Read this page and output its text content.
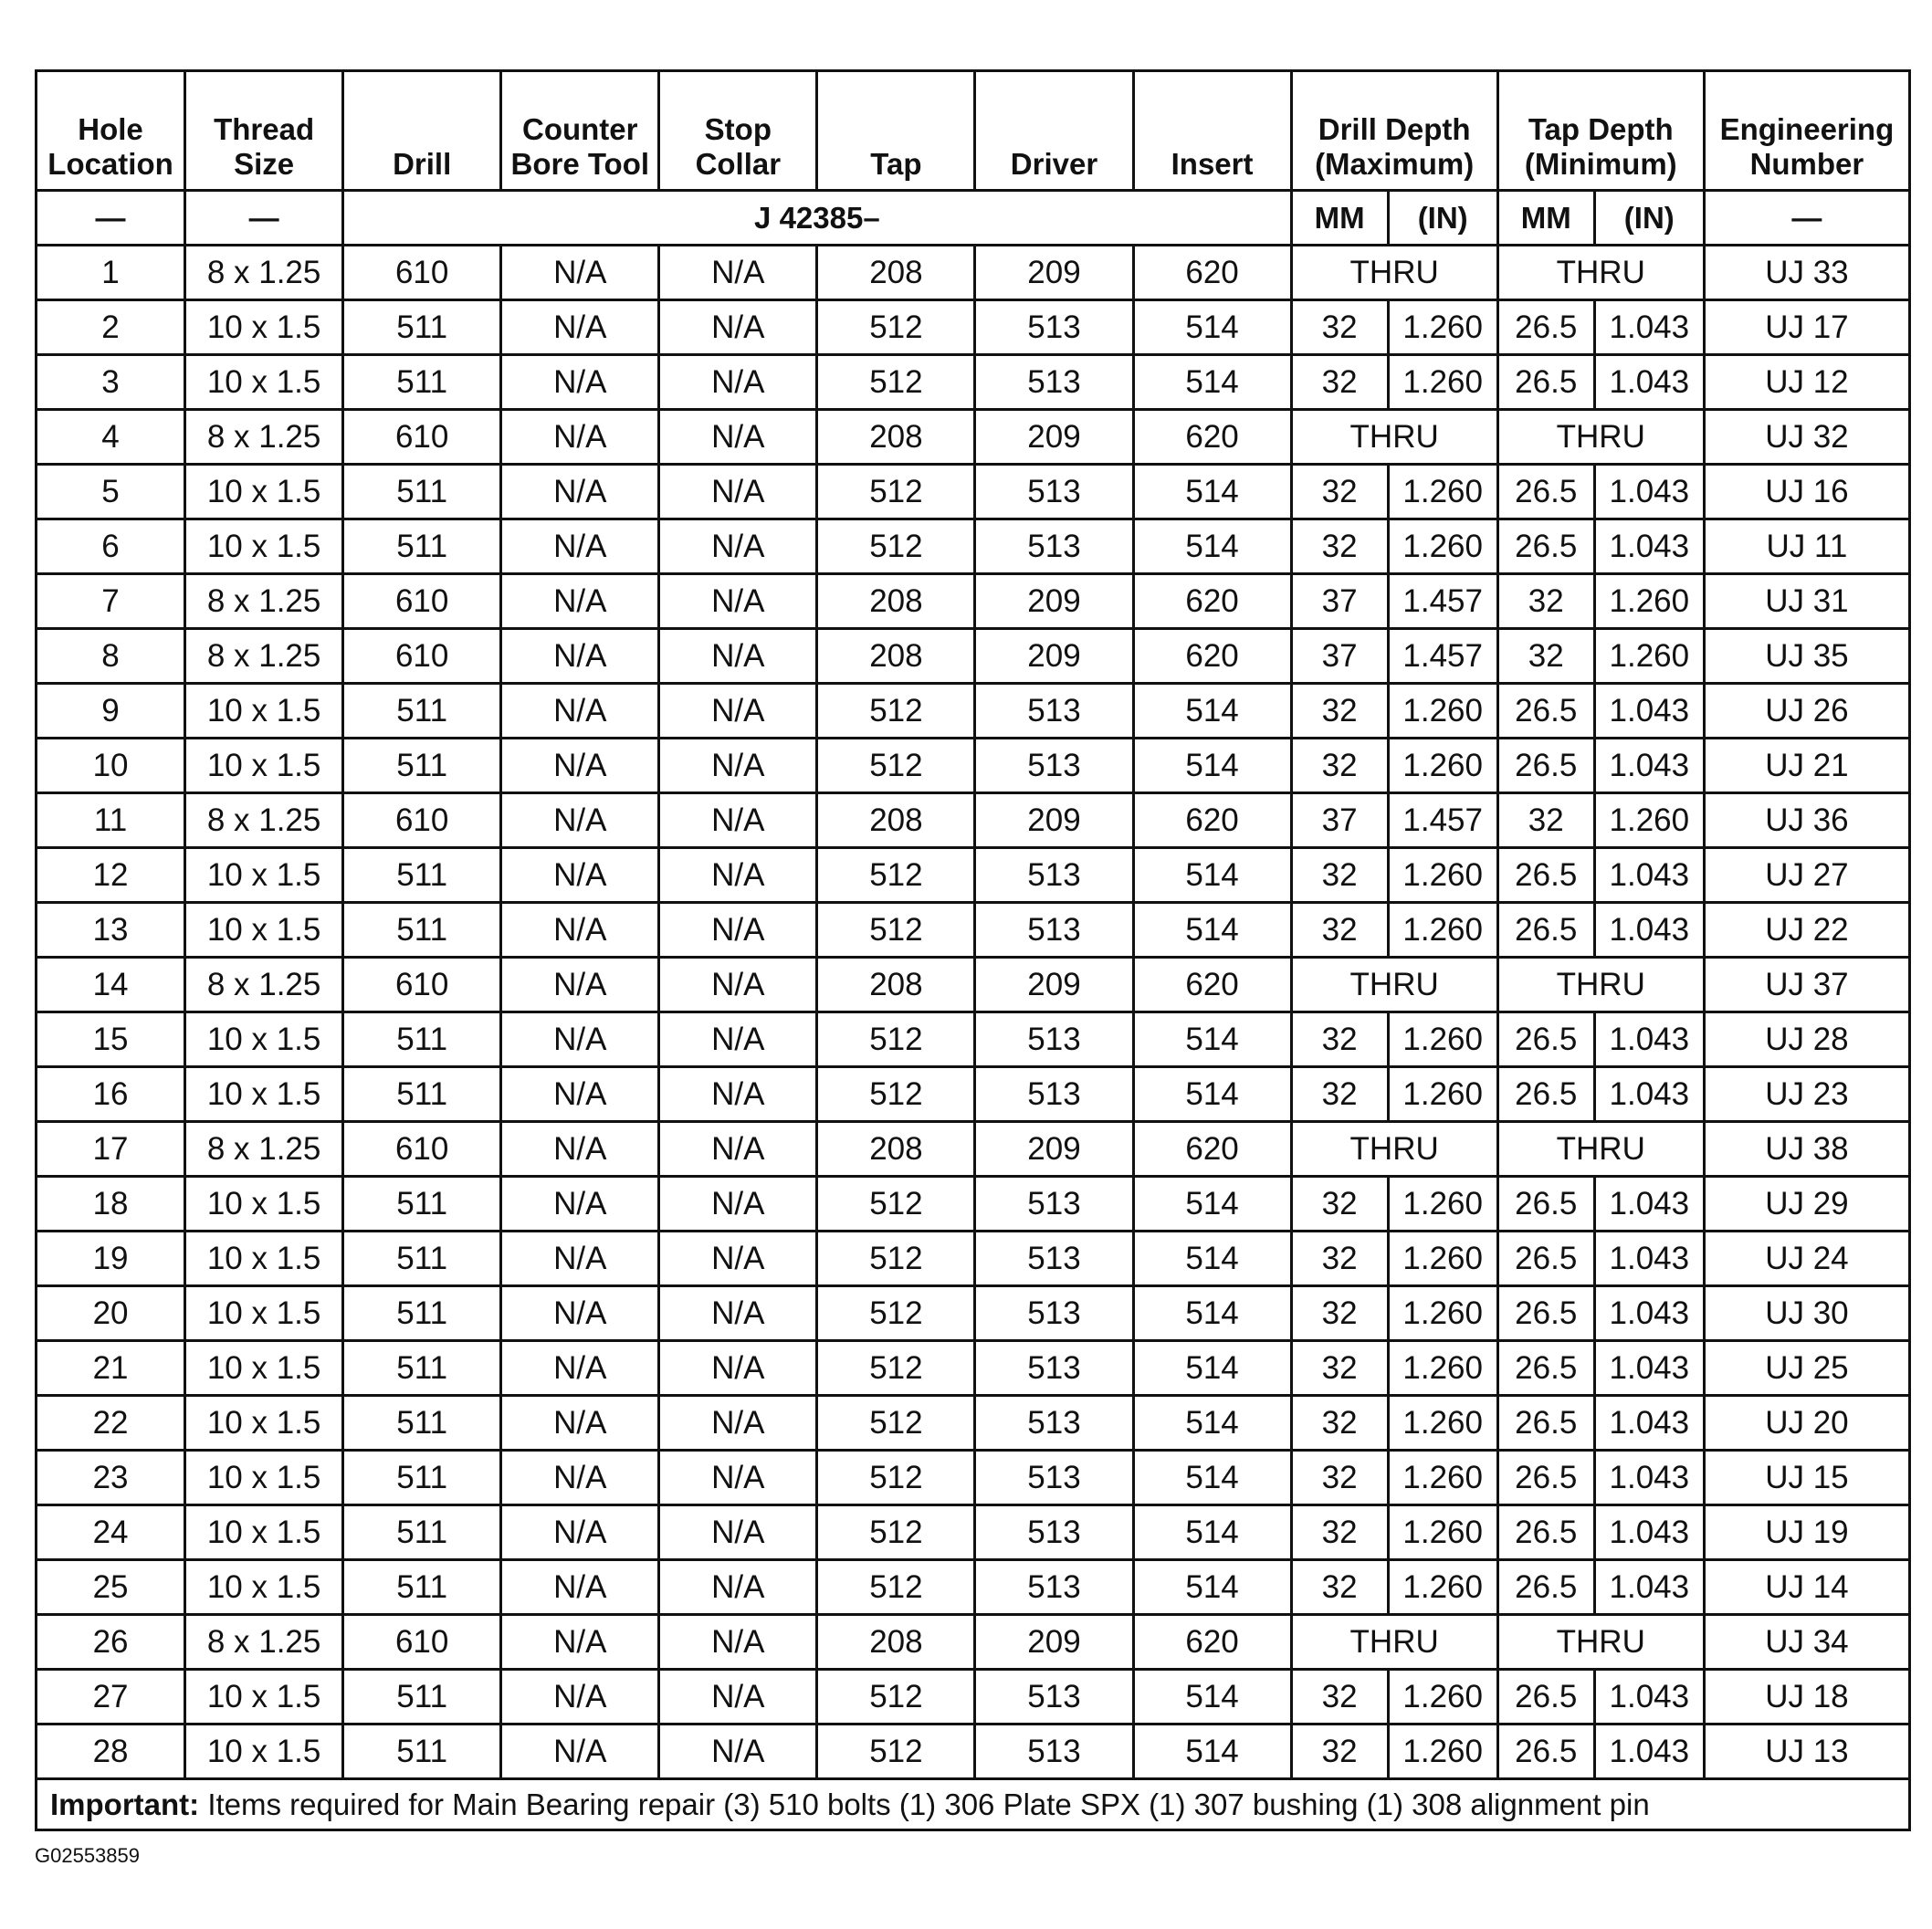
Hole Location	Thread Size	Drill	Counter Bore Tool	Stop Collar	Tap	Driver	Insert	Drill Depth (Maximum)		Tap Depth (Minimum)		Engineering Number
—	—	J 42385–						MM	(IN)	MM	(IN)	—
1	8 x 1.25	610	N/A	N/A	208	209	620	THRU		THRU		UJ 33
2	10 x 1.5	511	N/A	N/A	512	513	514	32	1.260	26.5	1.043	UJ 17
3	10 x 1.5	511	N/A	N/A	512	513	514	32	1.260	26.5	1.043	UJ 12
4	8 x 1.25	610	N/A	N/A	208	209	620	THRU		THRU		UJ 32
5	10 x 1.5	511	N/A	N/A	512	513	514	32	1.260	26.5	1.043	UJ 16
6	10 x 1.5	511	N/A	N/A	512	513	514	32	1.260	26.5	1.043	UJ 11
7	8 x 1.25	610	N/A	N/A	208	209	620	37	1.457	32	1.260	UJ 31
8	8 x 1.25	610	N/A	N/A	208	209	620	37	1.457	32	1.260	UJ 35
9	10 x 1.5	511	N/A	N/A	512	513	514	32	1.260	26.5	1.043	UJ 26
10	10 x 1.5	511	N/A	N/A	512	513	514	32	1.260	26.5	1.043	UJ 21
11	8 x 1.25	610	N/A	N/A	208	209	620	37	1.457	32	1.260	UJ 36
12	10 x 1.5	511	N/A	N/A	512	513	514	32	1.260	26.5	1.043	UJ 27
13	10 x 1.5	511	N/A	N/A	512	513	514	32	1.260	26.5	1.043	UJ 22
14	8 x 1.25	610	N/A	N/A	208	209	620	THRU		THRU		UJ 37
15	10 x 1.5	511	N/A	N/A	512	513	514	32	1.260	26.5	1.043	UJ 28
16	10 x 1.5	511	N/A	N/A	512	513	514	32	1.260	26.5	1.043	UJ 23
17	8 x 1.25	610	N/A	N/A	208	209	620	THRU		THRU		UJ 38
18	10 x 1.5	511	N/A	N/A	512	513	514	32	1.260	26.5	1.043	UJ 29
19	10 x 1.5	511	N/A	N/A	512	513	514	32	1.260	26.5	1.043	UJ 24
20	10 x 1.5	511	N/A	N/A	512	513	514	32	1.260	26.5	1.043	UJ 30
21	10 x 1.5	511	N/A	N/A	512	513	514	32	1.260	26.5	1.043	UJ 25
22	10 x 1.5	511	N/A	N/A	512	513	514	32	1.260	26.5	1.043	UJ 20
23	10 x 1.5	511	N/A	N/A	512	513	514	32	1.260	26.5	1.043	UJ 15
24	10 x 1.5	511	N/A	N/A	512	513	514	32	1.260	26.5	1.043	UJ 19
25	10 x 1.5	511	N/A	N/A	512	513	514	32	1.260	26.5	1.043	UJ 14
26	8 x 1.25	610	N/A	N/A	208	209	620	THRU		THRU		UJ 34
27	10 x 1.5	511	N/A	N/A	512	513	514	32	1.260	26.5	1.043	UJ 18
28	10 x 1.5	511	N/A	N/A	512	513	514	32	1.260	26.5	1.043	UJ 13
Important: Items required for Main Bearing repair (3) 510 bolts (1) 306 Plate SPX (1) 307 bushing (1) 308 alignment pin												
G02553859
